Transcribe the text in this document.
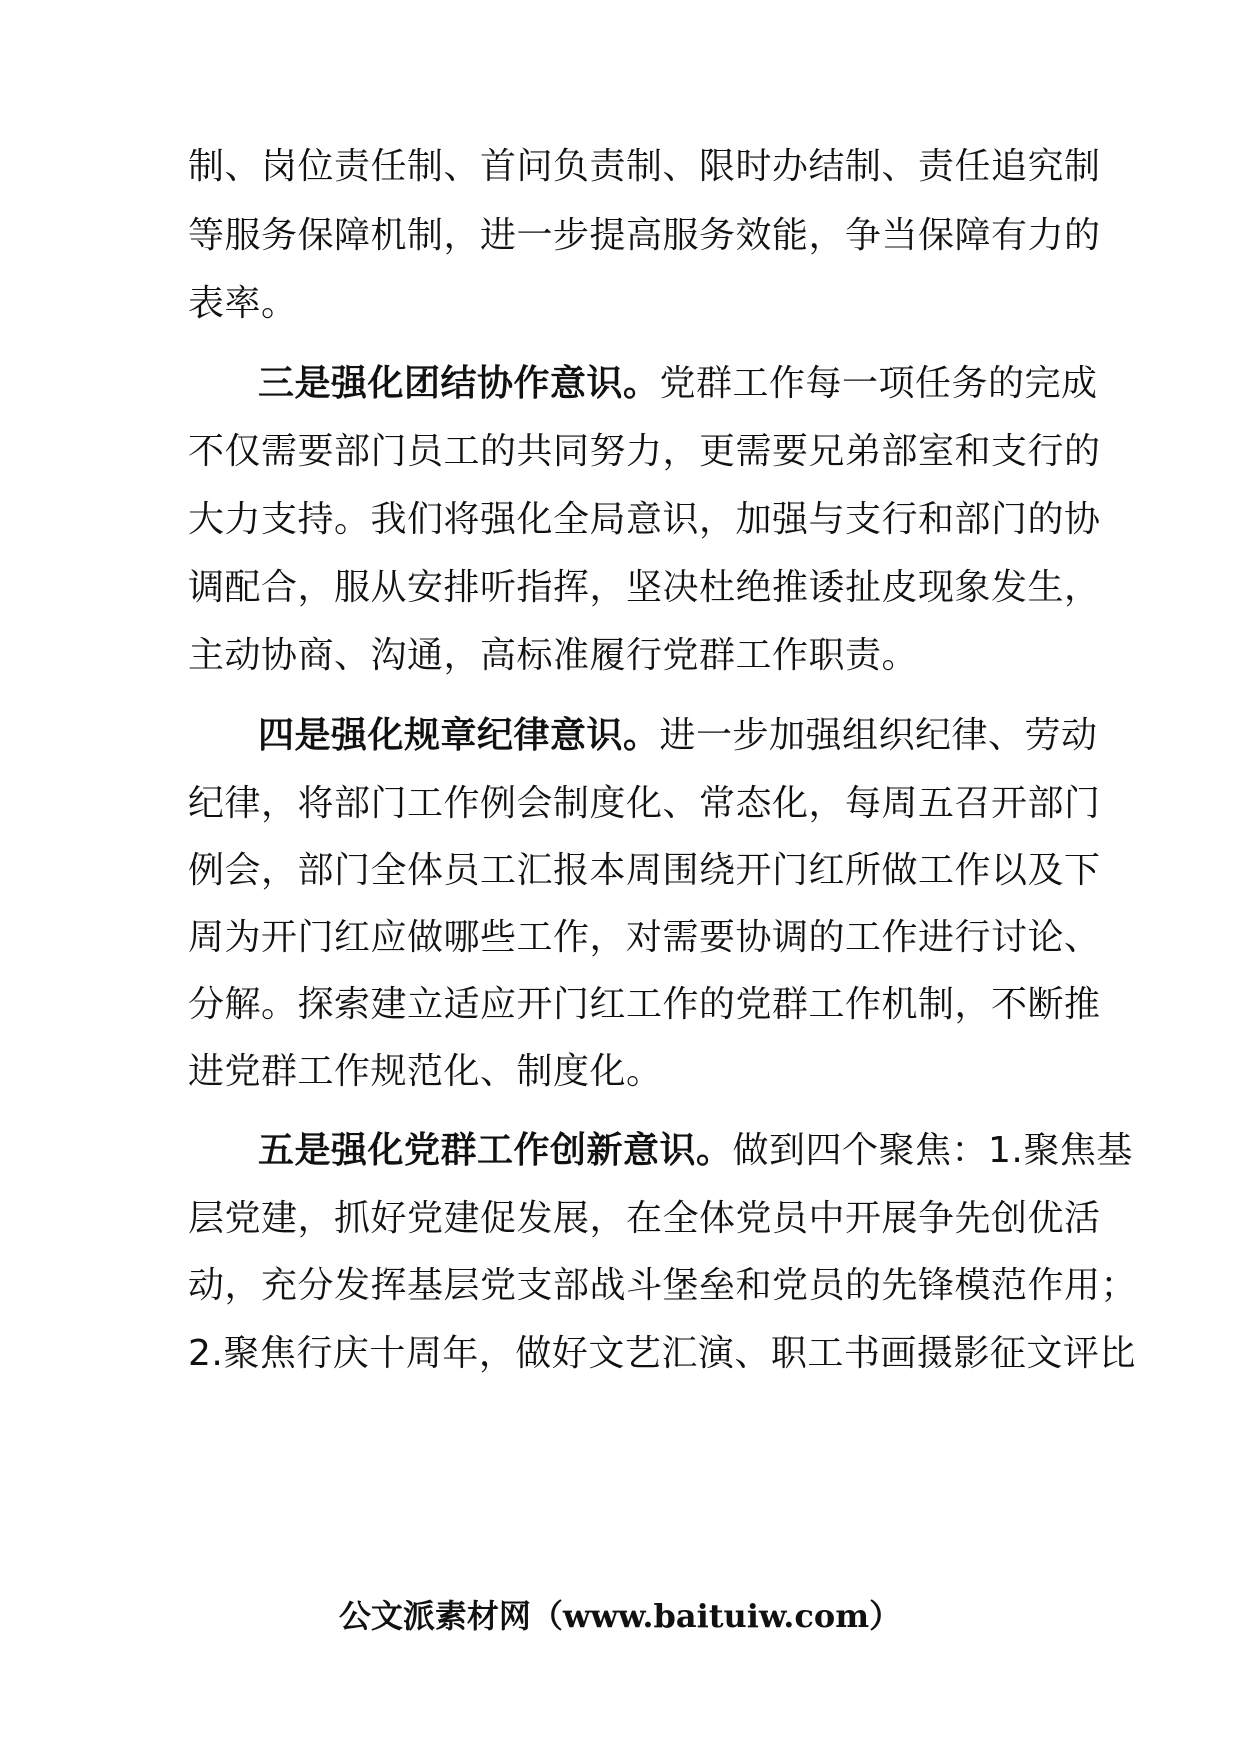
制、岗位责任制、首问负责制、限时办结制、责任追究制
等服务保障机制，进一步提高服务效能，争当保障有力的
表率。
三是强化团结协作意识。党群工作每一项任务的完成
不仅需要部门员工的共同努力，更需要兄弟部室和支行的
大力支持。我们将强化全局意识，加强与支行和部门的协
调配合，服从安排听指挥，坚决杜绝推诿扯皮现象发生，
主动协商、沟通，高标准履行党群工作职责。
四是强化规章纪律意识。进一步加强组织纪律、劳动
纪律，将部门工作例会制度化、常态化，每周五召开部门
例会，部门全体员工汇报本周围绕开门红所做工作以及下
周为开门红应做哪些工作，对需要协调的工作进行讨论、
分解。探索建立适应开门红工作的党群工作机制，不断推
进党群工作规范化、制度化。
五是强化党群工作创新意识。做到四个聚焦：1.聚焦基
层党建，抓好党建促发展，在全体党员中开展争先创优活
动，充分发挥基层党支部战斗堡垒和党员的先锋模范作用；
2.聚焦行庆十周年，做好文艺汇演、职工书画摄影征文评比
公文派素材网（www.baituiw.com）
